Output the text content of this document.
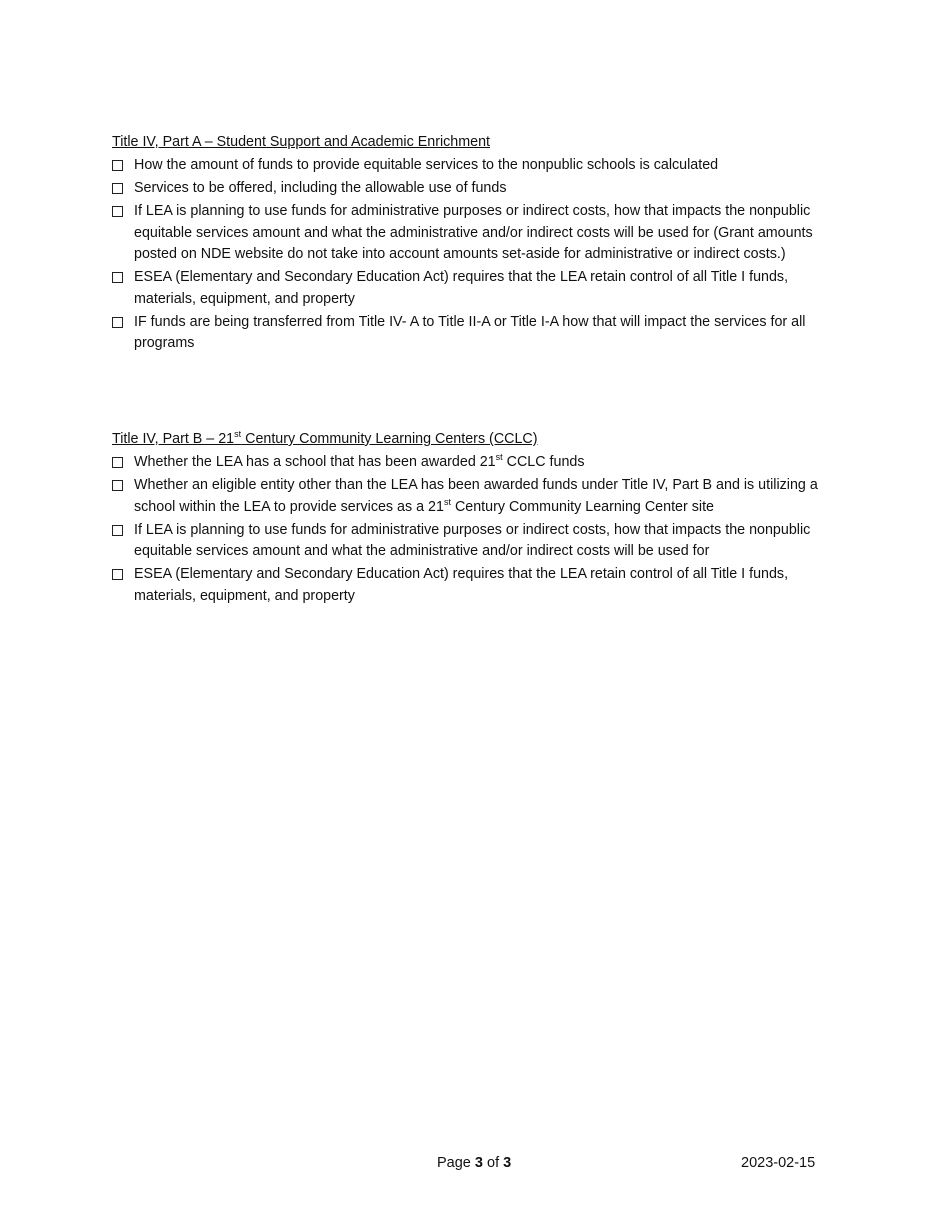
Title IV, Part A – Student Support and Academic Enrichment

How the amount of funds to provide equitable services to the nonpublic schools is calculated
Services to be offered, including the allowable use of funds
If LEA is planning to use funds for administrative purposes or indirect costs, how that impacts the nonpublic equitable services amount and what the administrative and/or indirect costs will be used for (Grant amounts posted on NDE website do not take into account amounts set-aside for administrative or indirect costs.)
ESEA (Elementary and Secondary Education Act) requires that the LEA retain control of all Title I funds, materials, equipment, and property
IF funds are being transferred from Title IV- A to Title II-A or Title I-A how that will impact the services for all programs

Title IV, Part B – 21st Century Community Learning Centers (CCLC)

Whether the LEA has a school that has been awarded 21st CCLC funds
Whether an eligible entity other than the LEA has been awarded funds under Title IV, Part B and is utilizing a school within the LEA to provide services as a 21st Century Community Learning Center site
If LEA is planning to use funds for administrative purposes or indirect costs, how that impacts the nonpublic equitable services amount and what the administrative and/or indirect costs will be used for
ESEA (Elementary and Secondary Education Act) requires that the LEA retain control of all Title I funds, materials, equipment, and property
Page 3 of 3	2023-02-15
